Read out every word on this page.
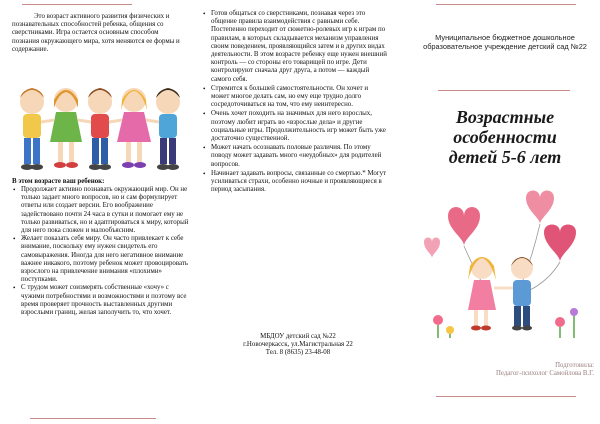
Это возраст активного развития физических и познавательных способностей ребенка, общения со сверстниками. Игра остается основным способом познания окружающего мира, хотя меняются ее формы и содержание.
В этом возрасте ваш ребенок:
• Продолжает активно познавать окружающий мир. Он не только задает много вопросов, но и сам формулирует ответы или создает версии. Его воображение задействовано почти 24 часа в сутки и помогает ему не только развиваться, но и адаптироваться к миру, который для него пока сложен и малообъясним.
• Желает показать себя миру. Он часто привлекает к себе внимание, поскольку ему нужен свидетель его самовыражения. Иногда для него негативное внимание важнее никакого, поэтому ребенок может провоцировать взрослого на привлечение внимания «плохими» поступками.
• С трудом может соизмерять собственные «хочу» с чужими потребностями и возможностями и поэтому все время проверяет прочность выставленных другими взрослыми границ, желая заполучить то, что хочет.
• Готов общаться со сверстниками, познавая через это общение правила взаимодействия с равными себе. Постепенно переходит от сюжетно-ролевых игр к играм по правилам, в которых складывается механизм управления своим поведением, проявляющийся затем и в других видах деятельности. В этом возрасте ребенку еще нужен внешний контроль — со стороны его товарищей по игре. Дети контролируют сначала друг друга, а потом — каждый самого себя.
• Стремится к большей самостоятельности. Он хочет и может многое делать сам, но ему еще трудно долго сосредоточиваться на том, что ему неинтересно.
• Очень хочет походить на значимых для него взрослых, поэтому любит играть во «взрослые дела» и другие социальные игры. Продолжительность игр может быть уже достаточно существенной.
• Может начать осознавать половые различия. По этому поводу может задавать много «неудобных» для родителей вопросов.
• Начинает задавать вопросы, связанные со смертью.* Могут усиливаться страхи, особенно ночные и проявляющиеся в период засыпания.
МБДОУ детский сад №22
г.Новочеркасск, ул.Магистральная 22
Тел. 8 (8635) 23-48-08
Муниципальное бюджетное дошкольное образовательное учреждение детский сад №22
Возрастные
особенности
детей 5-6 лет
Подготовила:
Педагог-психолог Самойлова В.Г.
